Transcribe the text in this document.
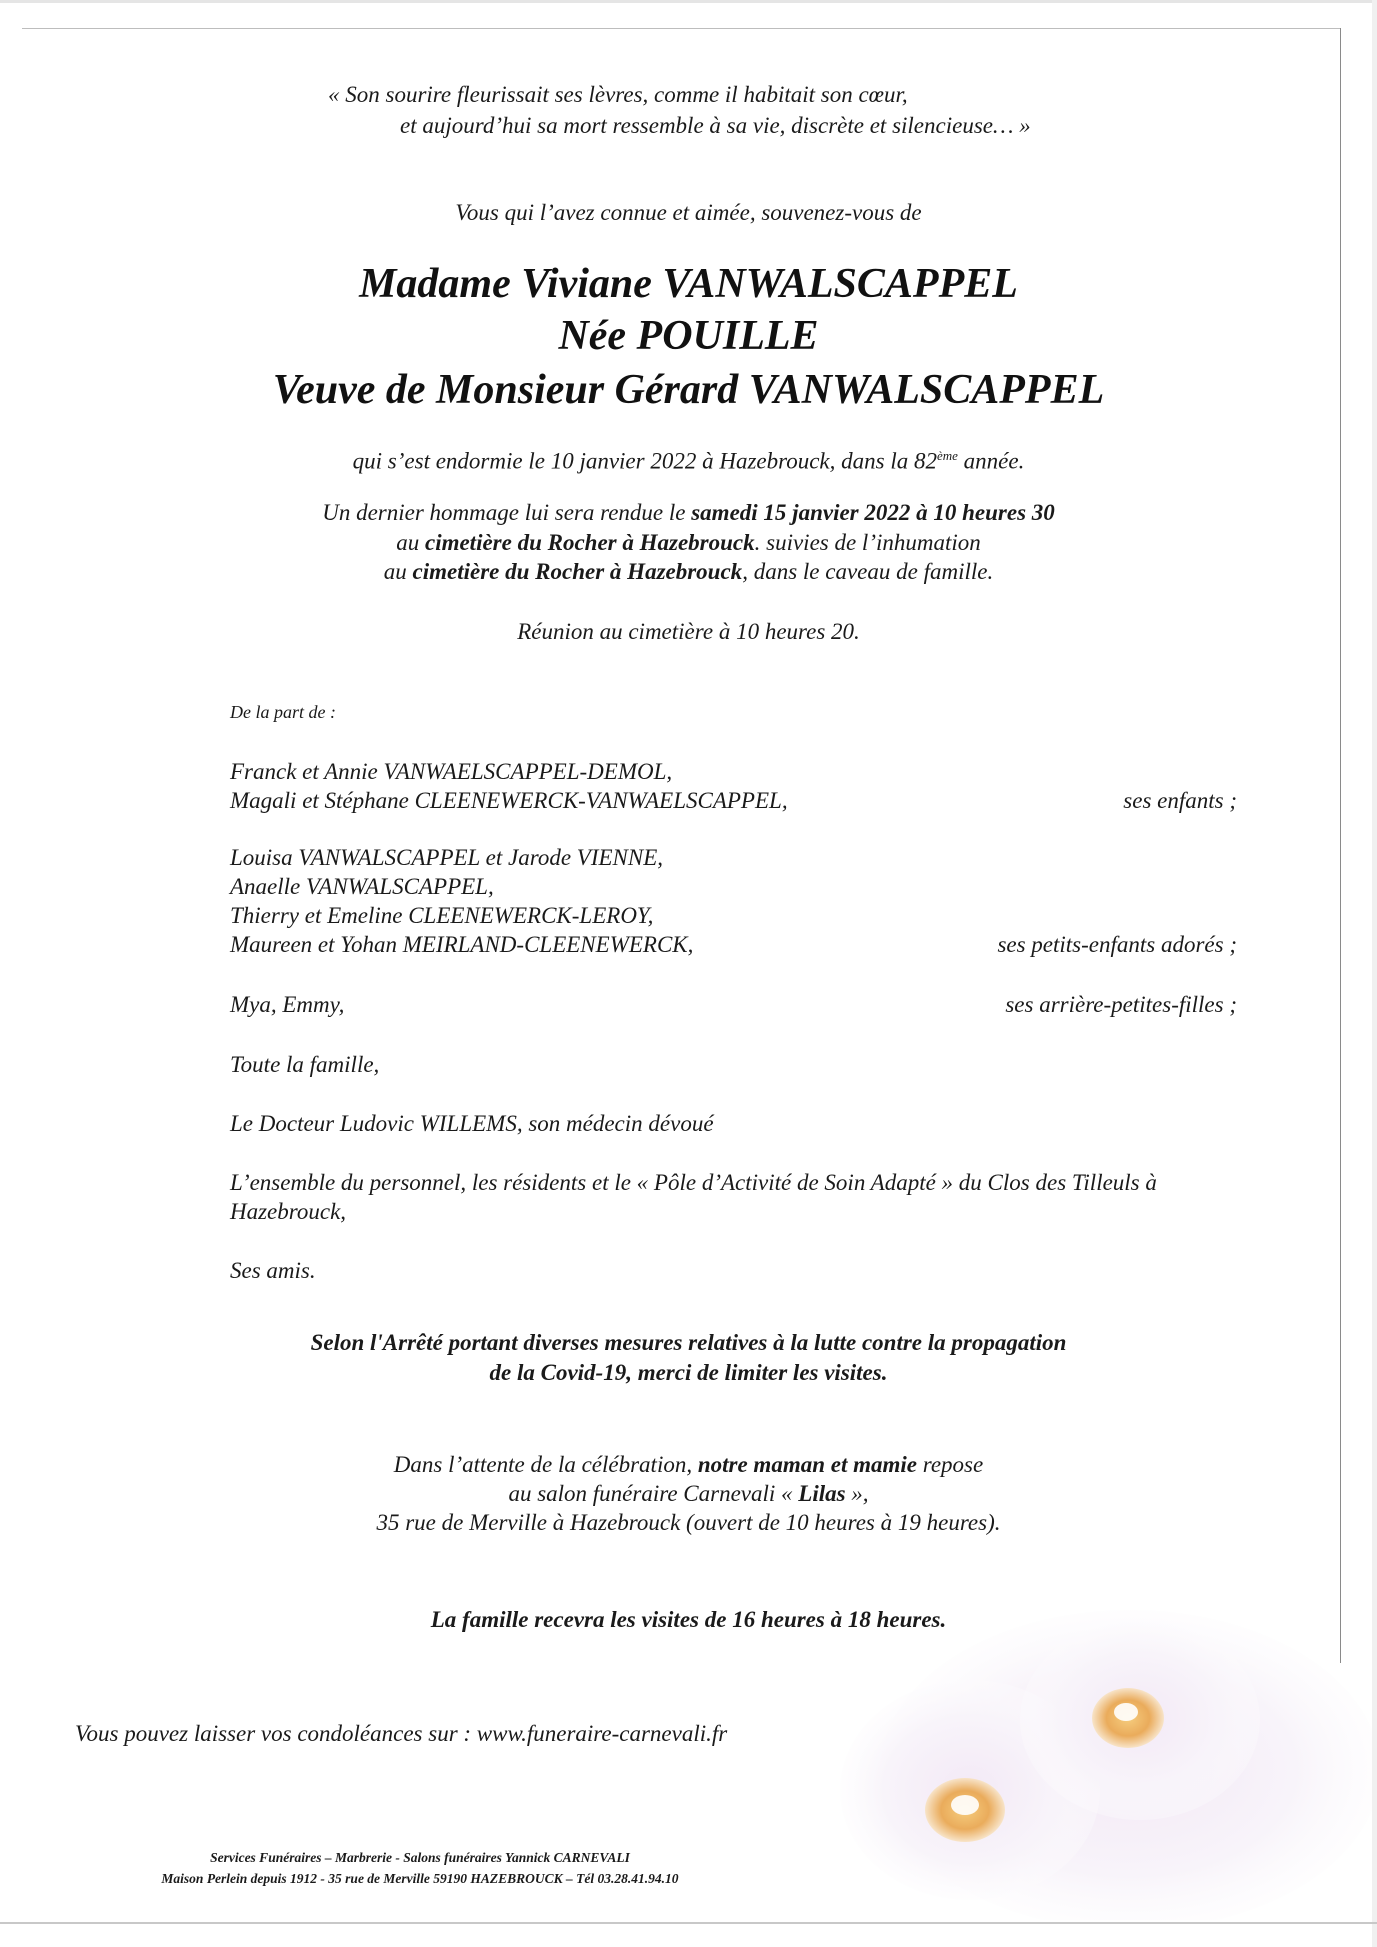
« Son sourire fleurissait ses lèvres, comme il habitait son cœur,
et aujourd’hui sa mort ressemble à sa vie, discrète et silencieuse… »
Vous qui l’avez connue et aimée, souvenez-vous de
Madame Viviane VANWALSCAPPEL
Née POUILLE
Veuve de Monsieur Gérard VANWALSCAPPEL
qui s’est endormie le 10 janvier 2022 à Hazebrouck, dans la 82ème année.
Un dernier hommage lui sera rendue le samedi 15 janvier 2022 à 10 heures 30
au cimetière du Rocher à Hazebrouck. suivies de l’inhumation
au cimetière du Rocher à Hazebrouck, dans le caveau de famille.
Réunion au cimetière à 10 heures 20.
De la part de :
Franck et Annie VANWAELSCAPPEL-DEMOL,
Magali et Stéphane CLEENEWERCK-VANWAELSCAPPEL,	ses enfants ;
Louisa VANWALSCAPPEL et Jarode VIENNE,
Anaelle VANWALSCAPPEL,
Thierry et Emeline CLEENEWERCK-LEROY,
Maureen et Yohan MEIRLAND-CLEENEWERCK,	ses petits-enfants adorés ;
Mya, Emmy,	ses arrière-petites-filles ;
Toute la famille,
Le Docteur Ludovic WILLEMS, son médecin dévoué
L’ensemble du personnel, les résidents et le « Pôle d’Activité de Soin Adapté » du Clos des Tilleuls à
Hazebrouck,
Ses amis.
Selon l'Arrêté portant diverses mesures relatives à la lutte contre la propagation
de la Covid-19, merci de limiter les visites.
Dans l’attente de la célébration, notre maman et mamie repose
au salon funéraire Carnevali « Lilas »,
35 rue de Merville à Hazebrouck (ouvert de 10 heures à 19 heures).
La famille recevra les visites de 16 heures à 18 heures.
Vous pouvez laisser vos condoléances sur : www.funeraire-carnevali.fr
Services Funéraires – Marbrerie - Salons funéraires Yannick CARNEVALI
Maison Perlein depuis 1912 - 35 rue de Merville 59190 HAZEBROUCK – Tél 03.28.41.94.10
